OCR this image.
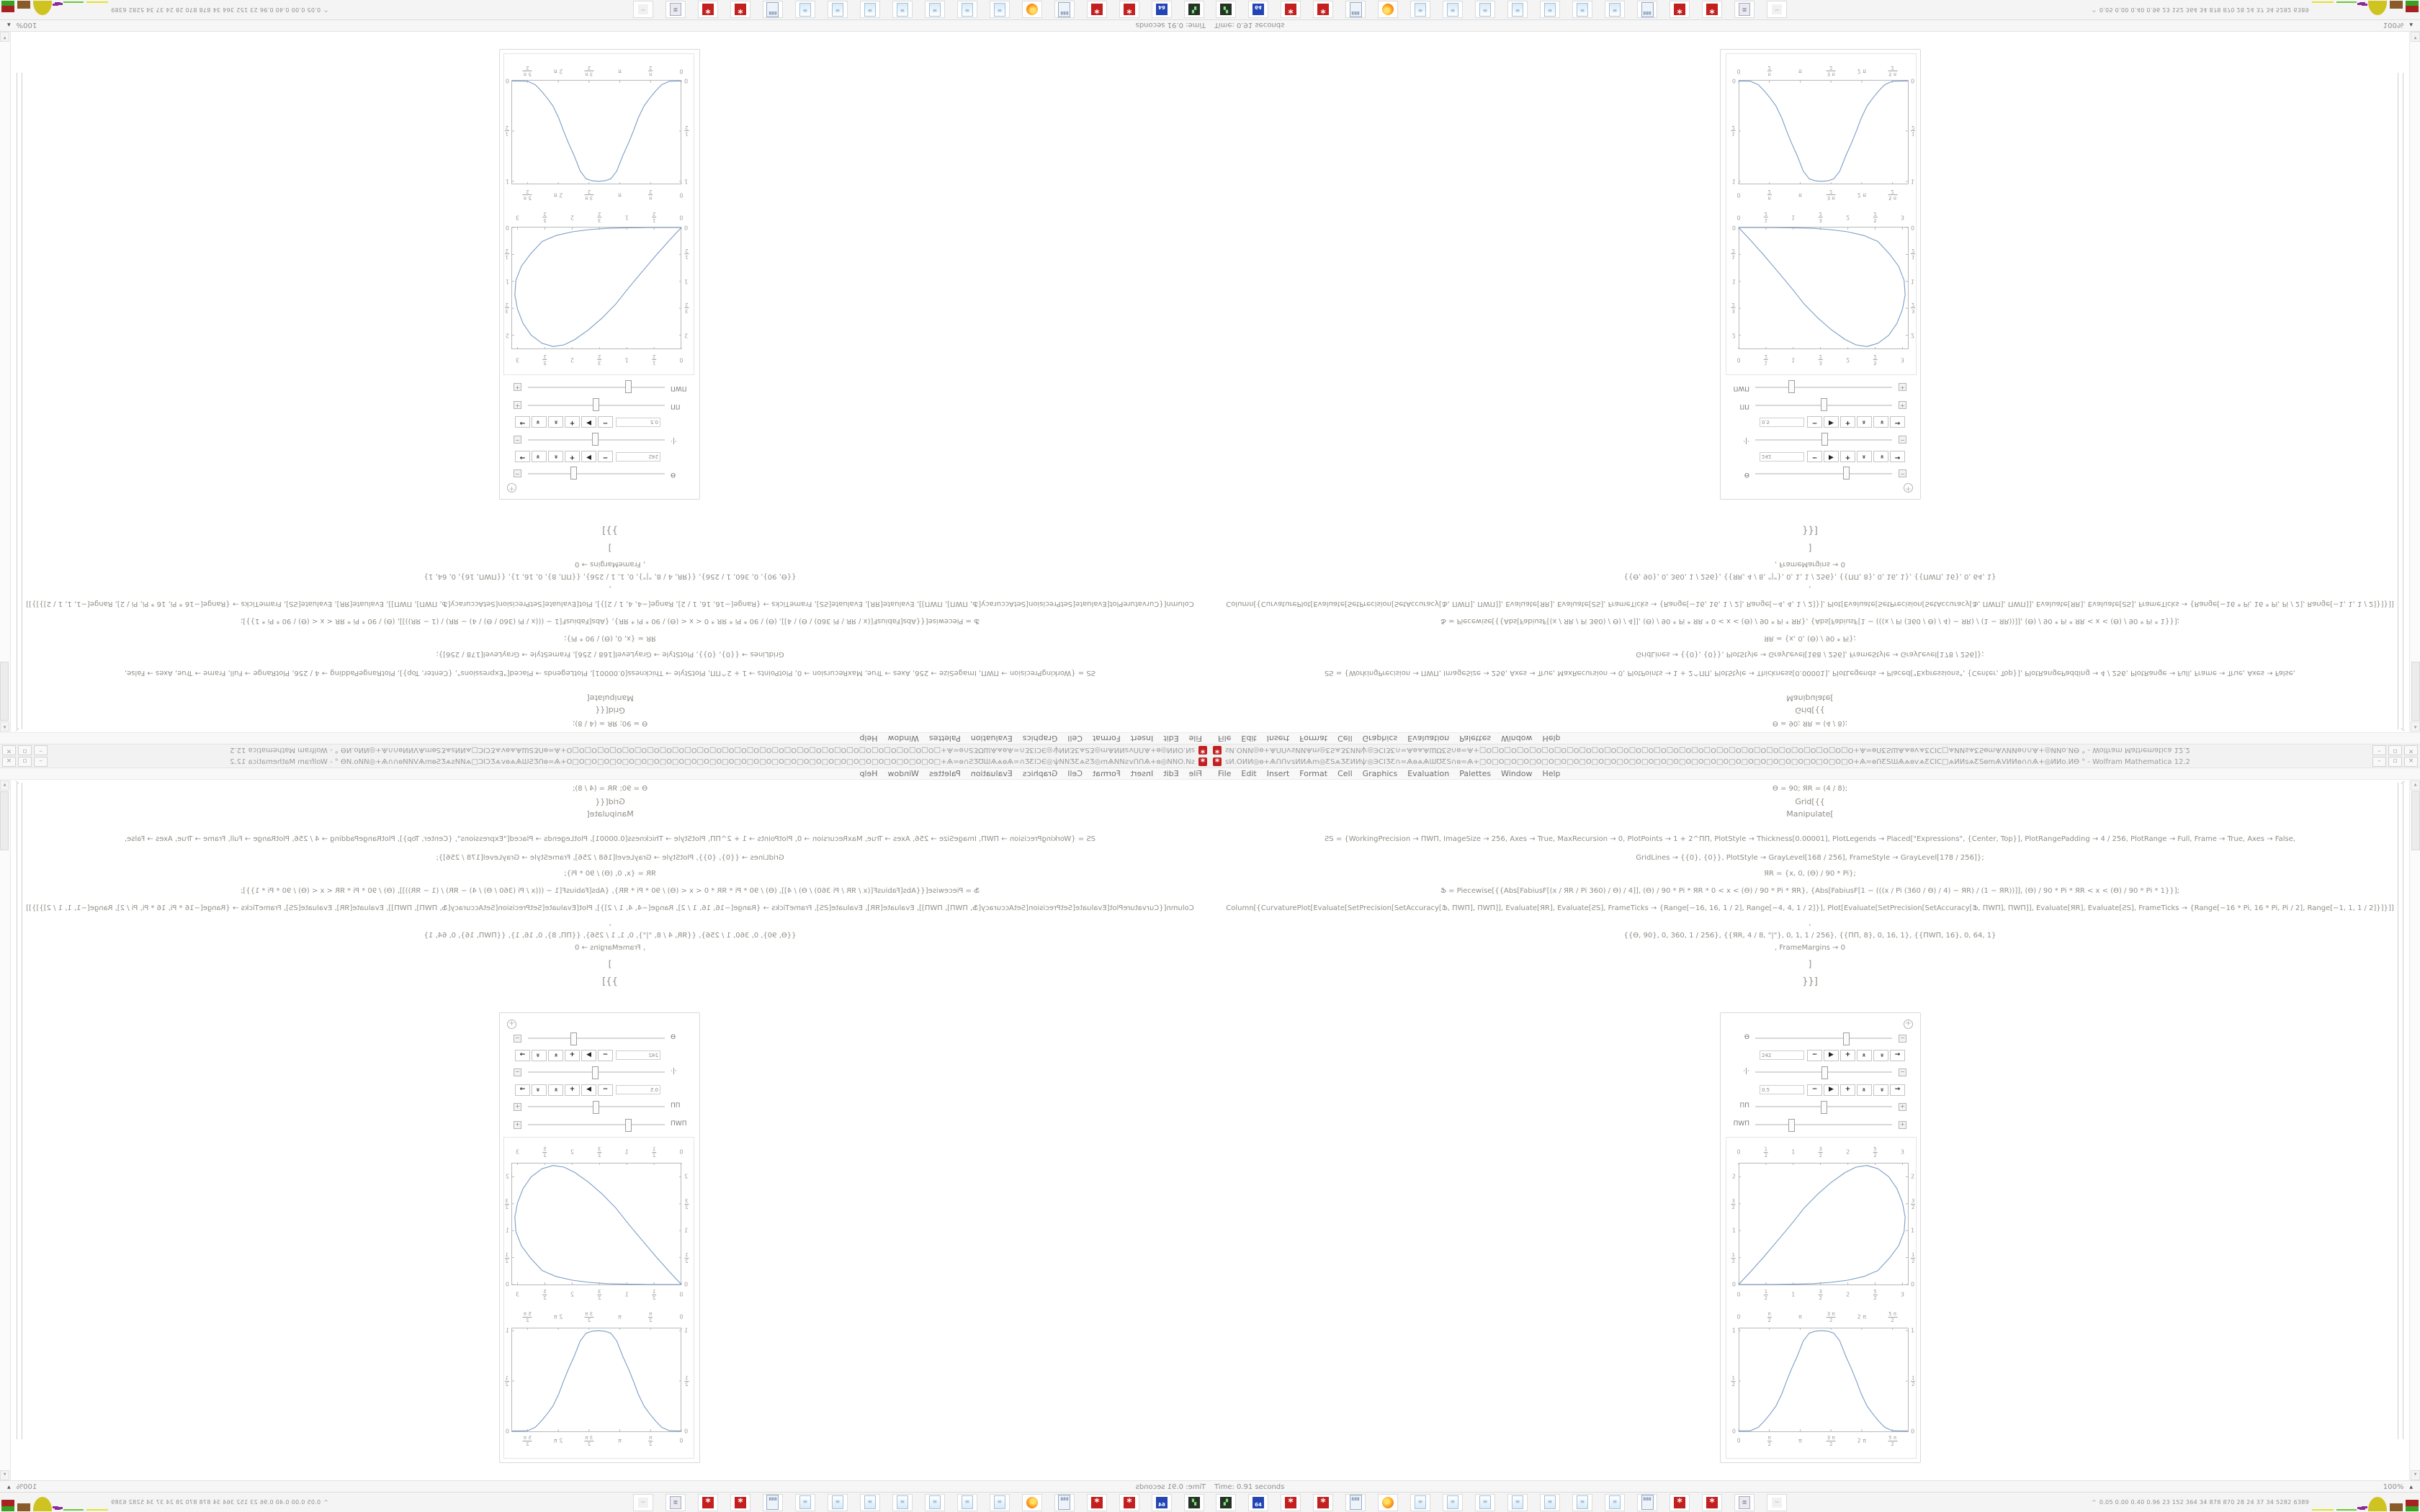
*
ѕͶ.ОͶͶ◎ѳ+ѦՈՈѵѕͶͶѦm◎ƸЅѧƷƸͶͶѱ◎ЭСΙƷƸ∩≂ѦѳѧѦƜƱƸЅ∩ѳ≂Ѧ+□О□О□О□О□О□О□О□О□О□О□О□О□О□О□О□О□О□О□О□О□О□О□О□О□О□О□О□О□О□О+Ѧ≂ѳՈƸЅƜѦѧѳѵѧƸСΙС□ѧͶͶѕѧƸЅѳmѦVͶͶѳ∩∩Ѧ+◎ͶͶо.ͶѲ ° - Wolfram Mathematica 12.2
–
▫
×
File
Edit
Insert
Format
Cell
Graphics
Evaluation
Palettes
Window
Help
Ѳ = 90; ЯR = (4 / 8);
Grid[{{
Manipulate[
ƧS = {WorkingPrecision → ΠWΠ, ImageSize → 256, Axes → True, MaxRecursion → 0, PlotPoints → 1 + 2^ΠΠ, PlotStyle → Thickness[0.00001], PlotLegends → Placed["Expressions", {Center, Top}], PlotRangePadding → 4 / 256, PlotRange → Full, Frame → True, Axes → False,
GridLines → {{0}, {0}}, PlotStyle → GrayLevel[168 / 256], FrameStyle → GrayLevel[178 / 256]};
ЯR = {x, 0, (Ѳ) / 90 * Pi};
Ֆ = Piecewise[{{Abs[FabiusF[(x / ЯR / Pi 360) / Ѳ) / 4]], (Ѳ) / 90 * Pi * ЯR * 0 < x < (Ѳ) / 90 * Pi * ЯR}, {Abs[FabiusF[1 − (((x / Pi (360 / Ѳ) / 4) − ЯR) / (1 − ЯR))]], (Ѳ) / 90 * Pi * ЯR < x < (Ѳ) / 90 * Pi * 1}}];
Column[{CurvaturePlot[Evaluate[SetPrecision[SetAccuracy[Ֆ, ΠWΠ], ΠWΠ]], Evaluate[ЯR], Evaluate[ƧS], FrameTicks → {Range[−16, 16, 1 / 2], Range[−4, 4, 1 / 2]}], Plot[Evaluate[SetPrecision[SetAccuracy[Ֆ, ΠWΠ], ΠWΠ]], Evaluate[ЯR], Evaluate[ƧS], FrameTicks → {Range[−16 * Pi, 16 * Pi, Pi / 2], Range[−1, 1, 1 / 2]}]}]]
,
{{Ѳ, 90}, 0, 360, 1 / 256}, {{ЯR, 4 / 8, "|"}, 0, 1, 1 / 256}, {{ΠΠ, 8}, 0, 16, 1}, {{ΠWΠ, 16}, 0, 64, 1}
, FrameMargins → 0
]
}}]
+
Ѳ
−
242
−
▶
+
»
»
→
·|·
−
0.5
−
▶
+
»
»
→
ΠΠ
+
ΠWΠ
+
0
0
1
2
1
2
1
1
3
2
3
2
2
2
5
2
5
2
3
3
0
0
1
2
1
2
1
1
3
2
3
2
2
2
0
0
π
2
π
2
π
π
3 π
2
3 π
2
2 π
2 π
5 π
2
5 π
2
0
0
1
2
1
2
1
1
▲
▼
Time: 0.91 seconds
100%
▲
▞
64
*
*
888
≡
≡
≡
≡
≡
≡
≡
888
*
*
≣
~
^
0.05 0.00 0.40 0.96 23 152 364 34 878 870 28 24 37 34 5282 6389
* ѕͶ.ОͶͶ◎ѳ+ѦՈՈѵѕͶͶѦm◎ƸЅѧƷƸͶͶѱ◎ЭСΙƷƸ∩≂ѦѳѧѦƜƱƸЅ∩ѳ≂Ѧ+□О□О□О□О□О□О□О□О□О□О□О□О□О□О□О□О□О□О□О□О□О□О□О□О□О□О□О□О□О□О+Ѧ≂ѳՈƸЅƜѦѧѳѵѧƸСΙС□ѧͶͶѕѧƸЅѳmѦVͶͶѳ∩∩Ѧ+◎ͶͶо.ͶѲ ° - Wolfram Mathematica 12.2	–	▫	×
File	Edit	Insert	Format	Cell	Graphics	Evaluation	Palettes	Window	Help
Ѳ = 90; ЯR = (4 / 8);
Grid[{{
Manipulate[
ƧS = {WorkingPrecision → ΠWΠ, ImageSize → 256, Axes → True, MaxRecursion → 0, PlotPoints → 1 + 2^ΠΠ, PlotStyle → Thickness[0.00001], PlotLegends → Placed["Expressions", {Center, Top}], PlotRangePadding → 4 / 256, PlotRange → Full, Frame → True, Axes → False,
GridLines → {{0}, {0}}, PlotStyle → GrayLevel[168 / 256], FrameStyle → GrayLevel[178 / 256]};
ЯR = {x, 0, (Ѳ) / 90 * Pi};
Ֆ = Piecewise[{{Abs[FabiusF[(x / ЯR / Pi 360) / Ѳ) / 4]], (Ѳ) / 90 * Pi * ЯR * 0 < x < (Ѳ) / 90 * Pi * ЯR}, {Abs[FabiusF[1 − (((x / Pi (360 / Ѳ) / 4) − ЯR) / (1 − ЯR))]], (Ѳ) / 90 * Pi * ЯR < x < (Ѳ) / 90 * Pi * 1}}];
Column[{CurvaturePlot[Evaluate[SetPrecision[SetAccuracy[Ֆ, ΠWΠ], ΠWΠ]], Evaluate[ЯR], Evaluate[ƧS], FrameTicks → {Range[−16, 16, 1 / 2], Range[−4, 4, 1 / 2]}], Plot[Evaluate[SetPrecision[SetAccuracy[Ֆ, ΠWΠ], ΠWΠ]], Evaluate[ЯR], Evaluate[ƧS], FrameTicks → {Range[−16 * Pi, 16 * Pi, Pi / 2], Range[−1, 1, 1 / 2]}]}]]
,
{{Ѳ, 90}, 0, 360, 1 / 256}, {{ЯR, 4 / 8, "|"}, 0, 1, 1 / 256}, {{ΠΠ, 8}, 0, 16, 1}, {{ΠWΠ, 16}, 0, 64, 1}
, FrameMargins → 0
]
}}]
+
Ѳ	−
242
−	▶	+	»	»	→
·|·	−
0.5
−	▶	+	»	»	→
ΠΠ	+
ΠWΠ	+
0
0
1
2
1
2
1
1
3
2
3
2
2
2
5
2
5
2
3
3
0	0
1
2
1
2
1	1
3
2
3
2
2	2
0
0
π
2
π
2
π
π
3 π
2
3 π
2
2 π
2 π
5 π
2
5 π
2
0	0
1
2
1
2
1	1
▲
▼
Time: 0.91 seconds	100% ▲
▞	64	*	*	888	≡	≡	≡	≡	≡	≡	≡	888	*	*	≣	~	^ 0.05 0.00 0.40 0.96 23 152 364 34 878 870 28 24 37 34 5282 6389
*
ѕͶ.ОͶͶ◎ѳ+ѦՈՈѵѕͶͶѦm◎ƸЅѧƷƸͶͶѱ◎ЭСΙƷƸ∩≂ѦѳѧѦƜƱƸЅ∩ѳ≂Ѧ+□О□О□О□О□О□О□О□О□О□О□О□О□О□О□О□О□О□О□О□О□О□О□О□О□О□О□О□О□О□О+Ѧ≂ѳՈƸЅƜѦѧѳѵѧƸСΙС□ѧͶͶѕѧƸЅѳmѦVͶͶѳ∩∩Ѧ+◎ͶͶо.ͶѲ ° - Wolfram Mathematica 12.2
–
▫
×
File
Edit
Insert
Format
Cell
Graphics
Evaluation
Palettes
Window
Help
Ѳ = 90; ЯR = (4 / 8);
Grid[{{
Manipulate[
ƧS = {WorkingPrecision → ΠWΠ, ImageSize → 256, Axes → True, MaxRecursion → 0, PlotPoints → 1 + 2^ΠΠ, PlotStyle → Thickness[0.00001], PlotLegends → Placed["Expressions", {Center, Top}], PlotRangePadding → 4 / 256, PlotRange → Full, Frame → True, Axes → False,
GridLines → {{0}, {0}}, PlotStyle → GrayLevel[168 / 256], FrameStyle → GrayLevel[178 / 256]};
ЯR = {x, 0, (Ѳ) / 90 * Pi};
Ֆ = Piecewise[{{Abs[FabiusF[(x / ЯR / Pi 360) / Ѳ) / 4]], (Ѳ) / 90 * Pi * ЯR * 0 < x < (Ѳ) / 90 * Pi * ЯR}, {Abs[FabiusF[1 − (((x / Pi (360 / Ѳ) / 4) − ЯR) / (1 − ЯR))]], (Ѳ) / 90 * Pi * ЯR < x < (Ѳ) / 90 * Pi * 1}}];
Column[{CurvaturePlot[Evaluate[SetPrecision[SetAccuracy[Ֆ, ΠWΠ], ΠWΠ]], Evaluate[ЯR], Evaluate[ƧS], FrameTicks → {Range[−16, 16, 1 / 2], Range[−4, 4, 1 / 2]}], Plot[Evaluate[SetPrecision[SetAccuracy[Ֆ, ΠWΠ], ΠWΠ]], Evaluate[ЯR], Evaluate[ƧS], FrameTicks → {Range[−16 * Pi, 16 * Pi, Pi / 2], Range[−1, 1, 1 / 2]}]}]]
,
{{Ѳ, 90}, 0, 360, 1 / 256}, {{ЯR, 4 / 8, "|"}, 0, 1, 1 / 256}, {{ΠΠ, 8}, 0, 16, 1}, {{ΠWΠ, 16}, 0, 64, 1}
, FrameMargins → 0
]
}}]
+
Ѳ
−
242
−
▶
+
»
»
→
·|·
−
0.5
−
▶
+
»
»
→
ΠΠ
+
ΠWΠ
+
0
0
$\frac{1}{2}$
$\frac{1}{2}$
1
1
$\frac{3}{2}$
$\frac{3}{2}$
2
2
$\frac{5}{2}$
$\frac{5}{2}$
3
3
0
0
$\frac{1}{2}$
$\frac{1}{2}$
1
1
$\frac{3}{2}$
$\frac{3}{2}$
2
2
0
0
$\frac{\pi}{2}$
$\frac{\pi}{2}$
π
π
$\frac{3 \pi}{2}$
$\frac{3 \pi}{2}$
2 π
2 π
$\frac{5 \pi}{2}$
$\frac{5 \pi}{2}$
0
0
$\frac{1}{2}$
$\frac{1}{2}$
1
1
▲
▼
Time: 0.91 seconds
100%
▲
▞
64
*
*
888
≡
≡
≡
≡
≡
≡
≡
888
*
*
≣
~
^
0.05 0.00 0.40 0.96 23 152 364 34 878 870 28 24 37 34 5282 6389
* ѕͶ.ОͶͶ◎ѳ+ѦՈՈѵѕͶͶѦm◎ƸЅѧƷƸͶͶѱ◎ЭСΙƷƸ∩≂ѦѳѧѦƜƱƸЅ∩ѳ≂Ѧ+□О□О□О□О□О□О□О□О□О□О□О□О□О□О□О□О□О□О□О□О□О□О□О□О□О□О□О□О□О□О+Ѧ≂ѳՈƸЅƜѦѧѳѵѧƸСΙС□ѧͶͶѕѧƸЅѳmѦVͶͶѳ∩∩Ѧ+◎ͶͶо.ͶѲ ° - Wolfram Mathematica 12.2	–	▫	×
File	Edit	Insert	Format	Cell	Graphics	Evaluation	Palettes	Window	Help
Ѳ = 90; ЯR = (4 / 8);
Grid[{{
Manipulate[
ƧS = {WorkingPrecision → ΠWΠ, ImageSize → 256, Axes → True, MaxRecursion → 0, PlotPoints → 1 + 2^ΠΠ, PlotStyle → Thickness[0.00001], PlotLegends → Placed["Expressions", {Center, Top}], PlotRangePadding → 4 / 256, PlotRange → Full, Frame → True, Axes → False,
GridLines → {{0}, {0}}, PlotStyle → GrayLevel[168 / 256], FrameStyle → GrayLevel[178 / 256]};
ЯR = {x, 0, (Ѳ) / 90 * Pi};
Ֆ = Piecewise[{{Abs[FabiusF[(x / ЯR / Pi 360) / Ѳ) / 4]], (Ѳ) / 90 * Pi * ЯR * 0 < x < (Ѳ) / 90 * Pi * ЯR}, {Abs[FabiusF[1 − (((x / Pi (360 / Ѳ) / 4) − ЯR) / (1 − ЯR))]], (Ѳ) / 90 * Pi * ЯR < x < (Ѳ) / 90 * Pi * 1}}];
Column[{CurvaturePlot[Evaluate[SetPrecision[SetAccuracy[Ֆ, ΠWΠ], ΠWΠ]], Evaluate[ЯR], Evaluate[ƧS], FrameTicks → {Range[−16, 16, 1 / 2], Range[−4, 4, 1 / 2]}], Plot[Evaluate[SetPrecision[SetAccuracy[Ֆ, ΠWΠ], ΠWΠ]], Evaluate[ЯR], Evaluate[ƧS], FrameTicks → {Range[−16 * Pi, 16 * Pi, Pi / 2], Range[−1, 1, 1 / 2]}]}]]
,
{{Ѳ, 90}, 0, 360, 1 / 256}, {{ЯR, 4 / 8, "|"}, 0, 1, 1 / 256}, {{ΠΠ, 8}, 0, 16, 1}, {{ΠWΠ, 16}, 0, 64, 1}
, FrameMargins → 0
]
}}]
+
Ѳ	−
242
−	▶	+	»	»	→
·|·	−
0.5
−	▶	+	»	»	→
ΠΠ	+
ΠWΠ	+
0
0
$\frac{1}{2}$
$\frac{1}{2}$
1
1
$\frac{3}{2}$
$\frac{3}{2}$
2
2
$\frac{5}{2}$
$\frac{5}{2}$
3
3
0	0
$\frac{1}{2}$	$\frac{1}{2}$
1	1
$\frac{3}{2}$	$\frac{3}{2}$
2	2
0
0
$\frac{\pi}{2}$
$\frac{\pi}{2}$
π
π
$\frac{3 \pi}{2}$
$\frac{3 \pi}{2}$
2 π
2 π
$\frac{5 \pi}{2}$
$\frac{5 \pi}{2}$
0	0
$\frac{1}{2}$	$\frac{1}{2}$
1	1
▲
▼
Time: 0.91 seconds	100% ▲
▞	64	*	*	888	≡	≡	≡	≡	≡	≡	≡	888	*	*	≣	~	^ 0.05 0.00 0.40 0.96 23 152 364 34 878 870 28 24 37 34 5282 6389
